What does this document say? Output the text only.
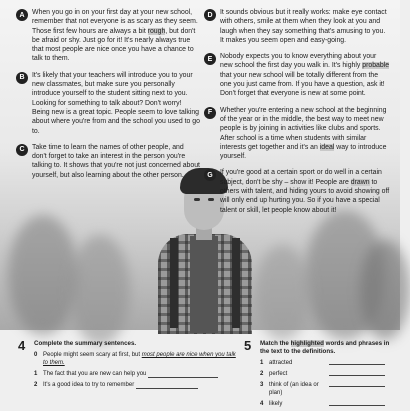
A	When you go in on your first day at your new school, remember that not everyone is as scary as they seem. Those first few hours are always a bit rough, but don't be afraid or shy. Just go for it! It's nearly always true that most people are nice once you have a chance to talk to them.
B	It's likely that your teachers will introduce you to your new classmates, but make sure you personally introduce yourself to the student sitting next to you. Looking for something to talk about? Don't worry! Being new is a great topic. People seem to love talking about where you're from and the school you used to go to.
C	Take time to learn the names of other people, and don't forget to take an interest in the person you're talking to. It shows that you're not just concerned about yourself, but also learning about the other person.
D	It sounds obvious but it really works: make eye contact with others, smile at them when they look at you and laugh when they say something that's amusing to you. It makes you seem open and easy-going.
E	Nobody expects you to know everything about your new school the first day you walk in. It's highly probable that your new school will be totally different from the one you just came from. If you have a question, ask it! Don't forget that everyone is new at some point.
F	Whether you're entering a new school at the beginning of the year or in the middle, the best way to meet new people is by joining in activities like clubs and sports. After school is a time when students with similar interests get together and it's an ideal way to introduce yourself.
G	If you're good at a certain sport or do well in a certain subject, don't be shy – show it! People are drawn to others with talent, and hiding yours to avoid showing off will only end up hurting you. So if you have a special talent or skill, let people know about it!
4 Complete the summary sentences.
0 People might seem scary at first, but most people are nice when you talk to them.
1 The fact that you are new can help you
2 It's a good idea to try to remember
5 Match the highlighted words and phrases in the text to the definitions.
1 attracted
2 perfect
3 think of (an idea or plan)
4 likely
